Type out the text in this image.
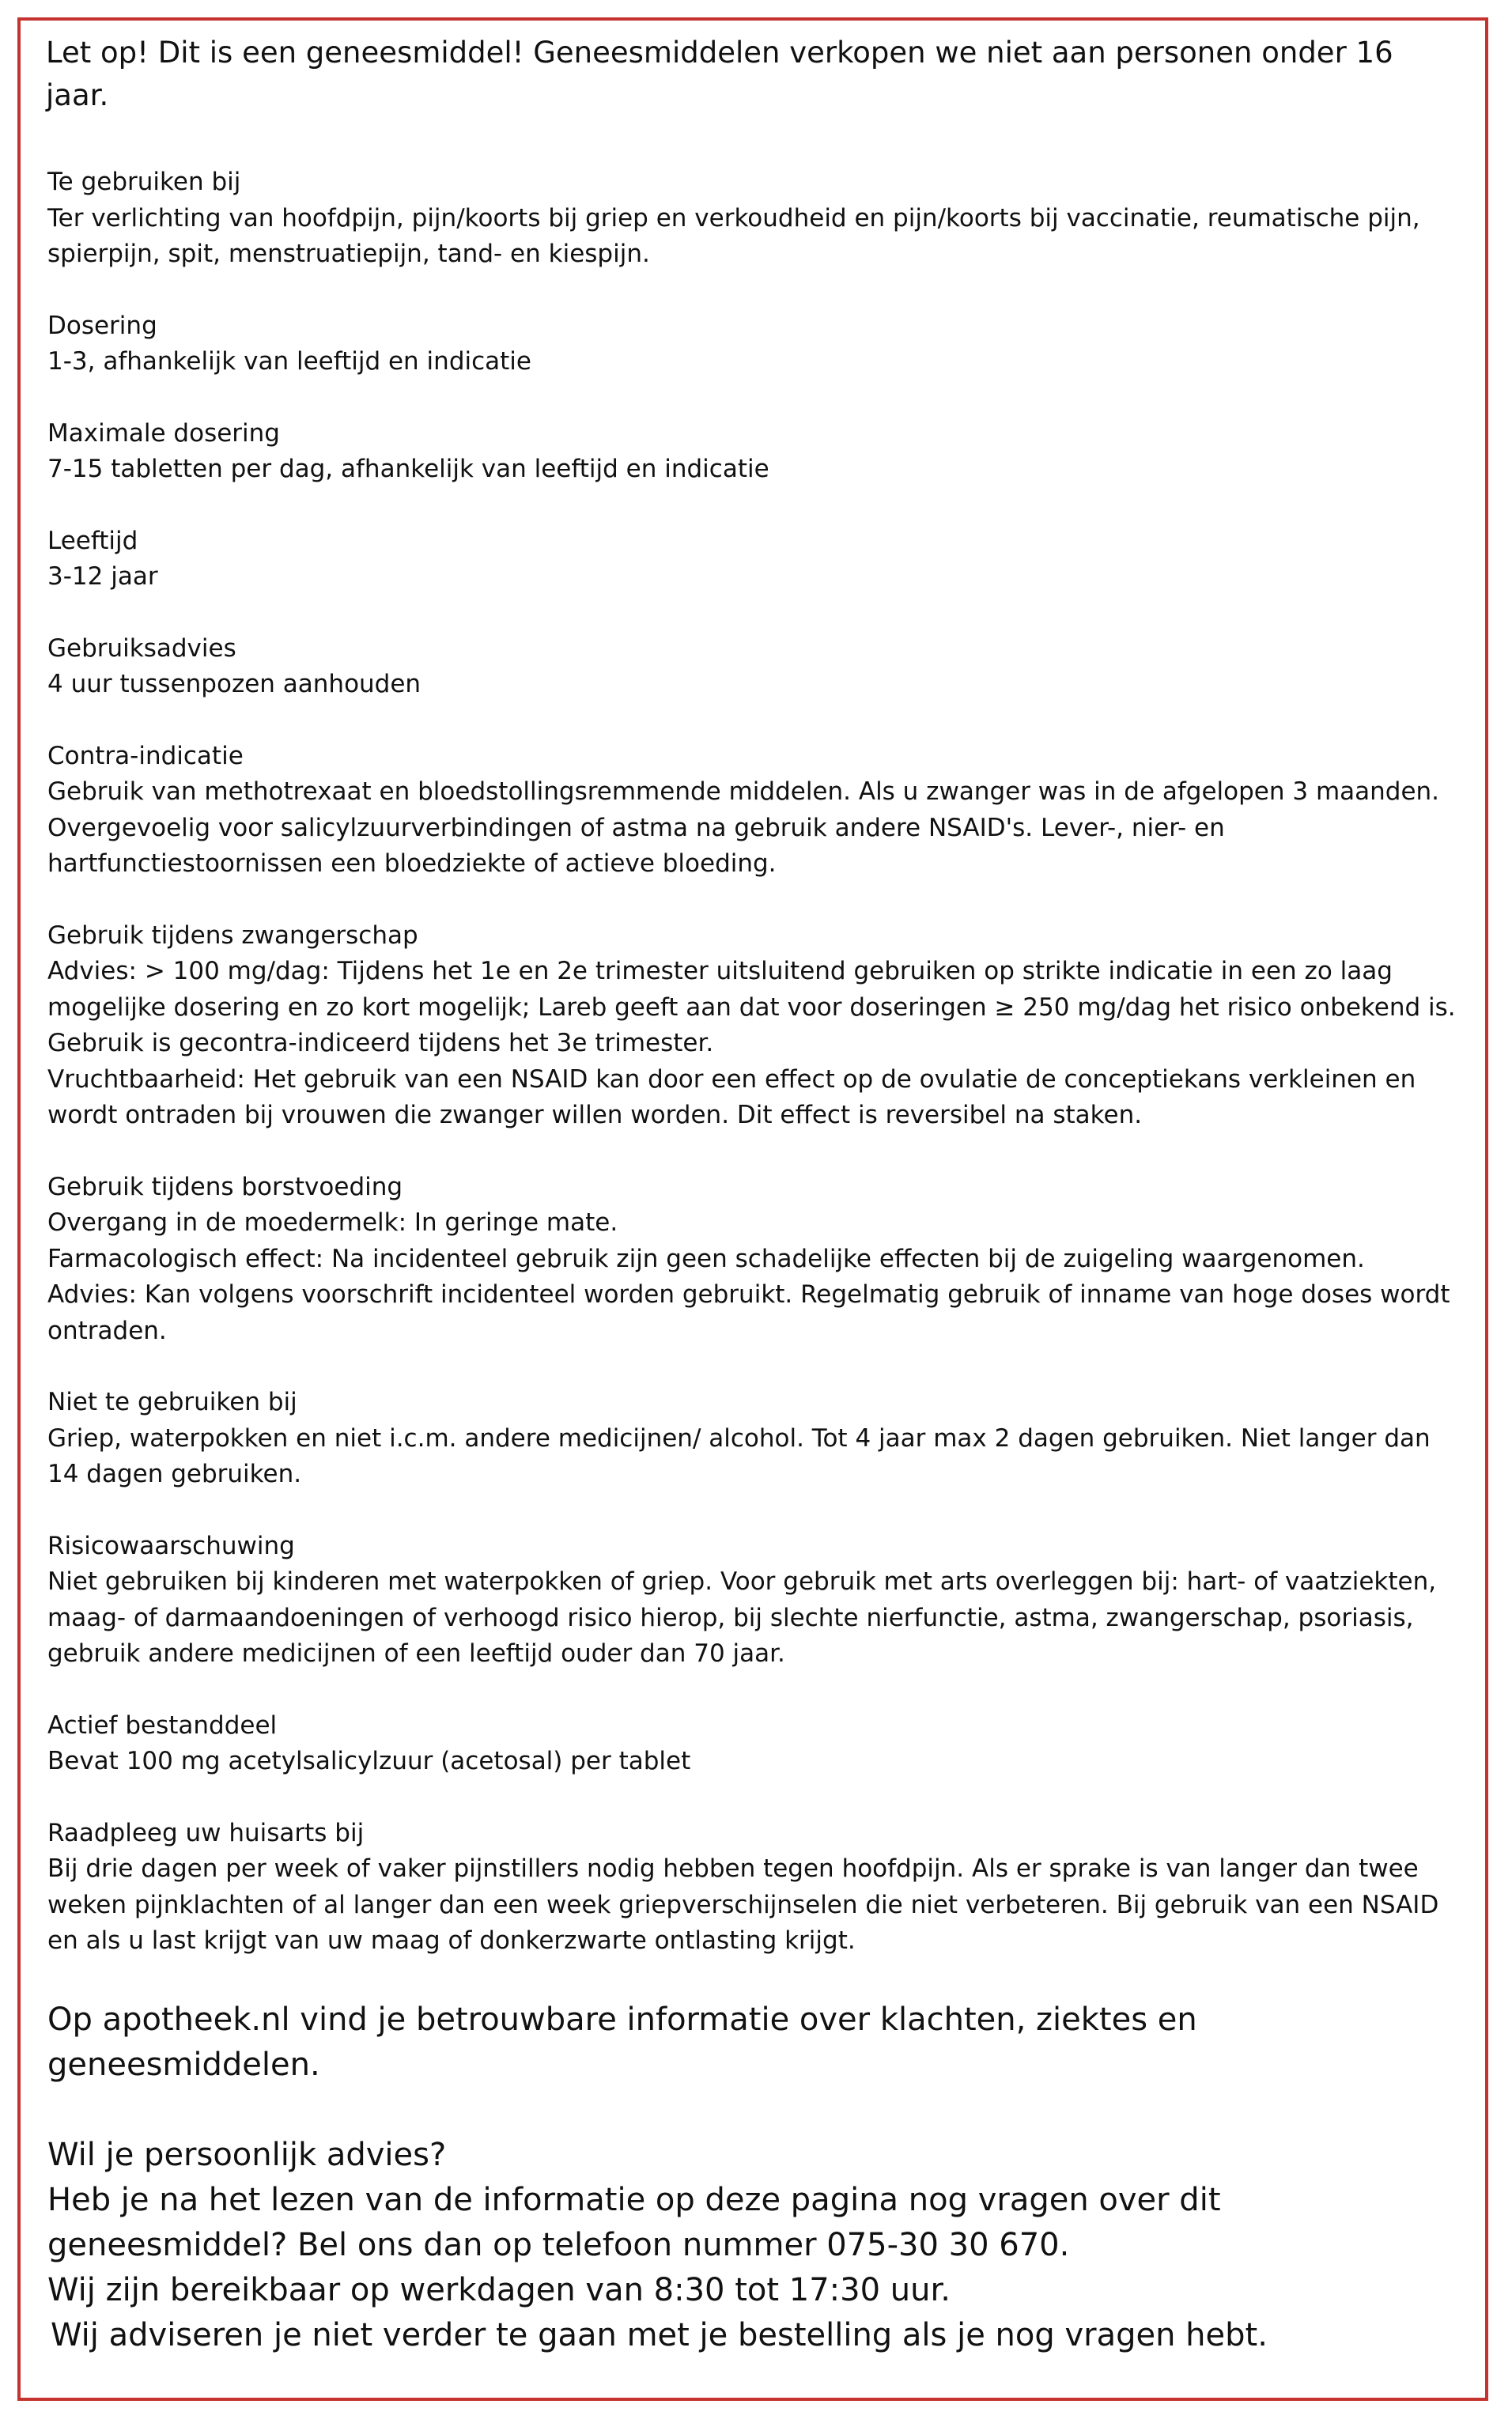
Let op! Dit is een geneesmiddel! Geneesmiddelen verkopen we niet aan personen onder 16 jaar.
Te gebruiken bij
Ter verlichting van hoofdpijn, pijn/koorts bij griep en verkoudheid en pijn/koorts bij vaccinatie, reumatische pijn, spierpijn, spit, menstruatiepijn, tand- en kiespijn.
Dosering
1-3, afhankelijk van leeftijd en indicatie
Maximale dosering
7-15 tabletten per dag, afhankelijk van leeftijd en indicatie
Leeftijd
3-12 jaar
Gebruiksadvies
4 uur tussenpozen aanhouden
Contra-indicatie
Gebruik van methotrexaat en bloedstollingsremmende middelen. Als u zwanger was in de afgelopen 3 maanden. Overgevoelig voor salicylzuurverbindingen of astma na gebruik andere NSAID's. Lever-, nier- en hartfunctiestoornissen een bloedziekte of actieve bloeding.
Gebruik tijdens zwangerschap
Advies: > 100 mg/dag: Tijdens het 1e en 2e trimester uitsluitend gebruiken op strikte indicatie in een zo laag mogelijke dosering en zo kort mogelijk; Lareb geeft aan dat voor doseringen ≥ 250 mg/dag het risico onbekend is. Gebruik is gecontra-indiceerd tijdens het 3e trimester.
Vruchtbaarheid: Het gebruik van een NSAID kan door een effect op de ovulatie de conceptiekans verkleinen en wordt ontraden bij vrouwen die zwanger willen worden. Dit effect is reversibel na staken.
Gebruik tijdens borstvoeding
Overgang in de moedermelk: In geringe mate.
Farmacologisch effect: Na incidenteel gebruik zijn geen schadelijke effecten bij de zuigeling waargenomen.
Advies: Kan volgens voorschrift incidenteel worden gebruikt. Regelmatig gebruik of inname van hoge doses wordt ontraden.
Niet te gebruiken bij
Griep, waterpokken en niet i.c.m. andere medicijnen/ alcohol. Tot 4 jaar max 2 dagen gebruiken. Niet langer dan 14 dagen gebruiken.
Risicowaarschuwing
Niet gebruiken bij kinderen met waterpokken of griep. Voor gebruik met arts overleggen bij: hart- of vaatziekten, maag- of darmaandoeningen of verhoogd risico hierop, bij slechte nierfunctie, astma, zwangerschap, psoriasis, gebruik andere medicijnen of een leeftijd ouder dan 70 jaar.
Actief bestanddeel
Bevat 100 mg acetylsalicylzuur (acetosal) per tablet
Raadpleeg uw huisarts bij
Bij drie dagen per week of vaker pijnstillers nodig hebben tegen hoofdpijn. Als er sprake is van langer dan twee weken pijnklachten of al langer dan een week griepverschijnselen die niet verbeteren. Bij gebruik van een NSAID en als u last krijgt van uw maag of donkerzwarte ontlasting krijgt.
Op apotheek.nl vind je betrouwbare informatie over klachten, ziektes en geneesmiddelen.
Wil je persoonlijk advies?
Heb je na het lezen van de informatie op deze pagina nog vragen over dit geneesmiddel? Bel ons dan op telefoon nummer 075-30 30 670.
Wij zijn bereikbaar op werkdagen van 8:30 tot 17:30 uur.
Wij adviseren je niet verder te gaan met je bestelling als je nog vragen hebt.
